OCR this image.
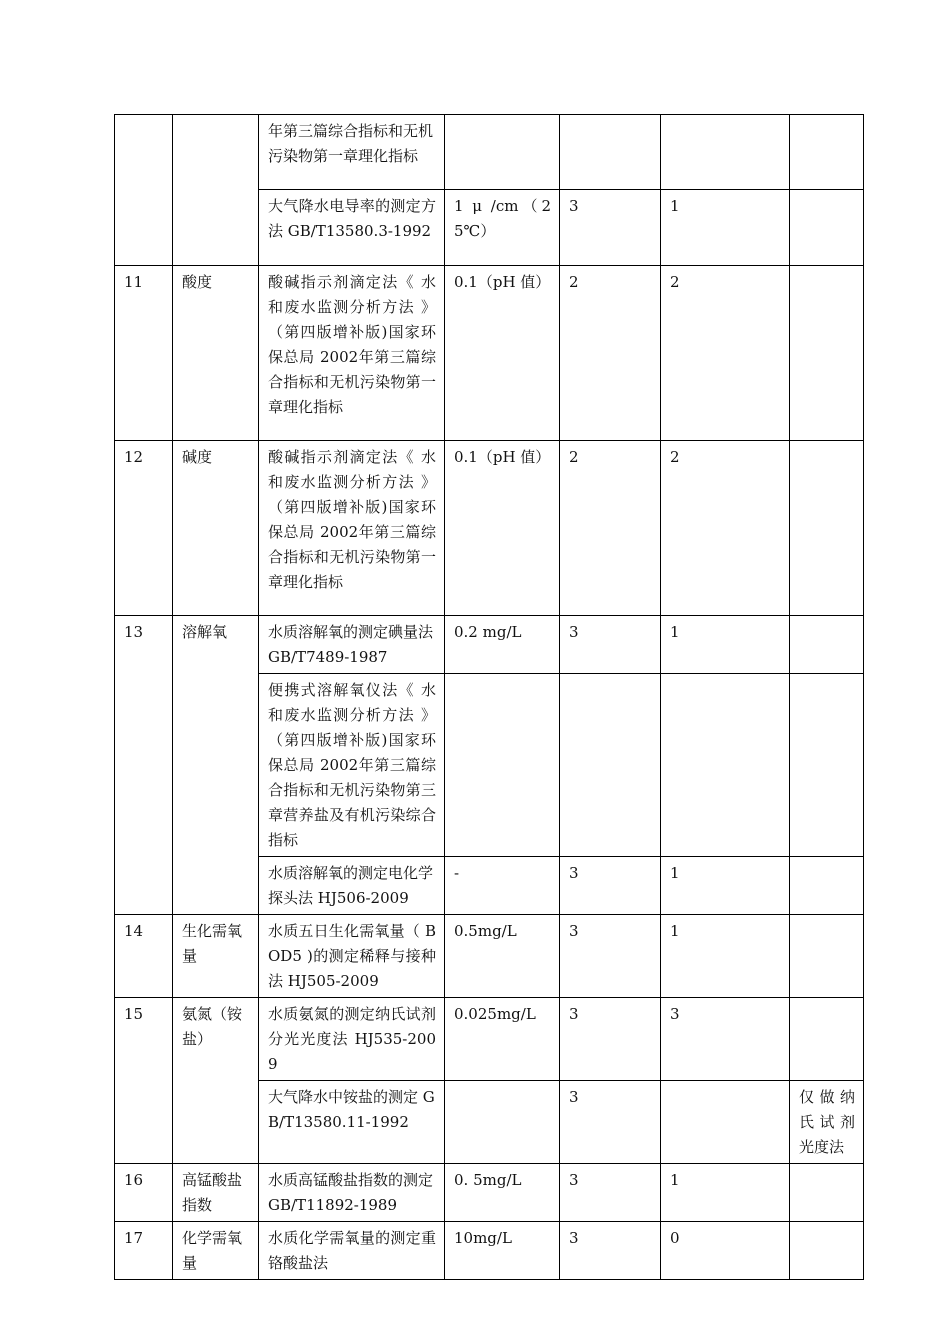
		年第三篇综合指标和无机污染物第一章理化指标				
		大气降水电导率的测定方法 GB/T13580.3-1992	1 μ /cm（25℃）	3	1	
11	酸度	酸碱指示剂滴定法《 水和废水监测分析方法 》（第四版增补版)国家环保总局 2002年第三篇综合指标和无机污染物第一章理化指标	0.1（pH 值）	2	2	
12	碱度	酸碱指示剂滴定法《 水和废水监测分析方法 》（第四版增补版)国家环保总局 2002年第三篇综合指标和无机污染物第一章理化指标	0.1（pH 值）	2	2	
13	溶解氧	水质溶解氧的测定碘量法 GB/T7489-1987	0.2 mg/L	3	1	
		便携式溶解氧仪法《 水和废水监测分析方法 》（第四版增补版)国家环保总局 2002年第三篇综合指标和无机污染物第三章营养盐及有机污染综合指标				
		水质溶解氧的测定电化学探头法 HJ506-2009	-	3	1	
14	生化需氧量	水质五日生化需氧量（ BOD5 )的测定稀释与接种法 HJ505-2009	0.5mg/L	3	1	
15	氨氮（铵盐）	水质氨氮的测定纳氏试剂分光光度法 HJ535-2009	0.025mg/L	3	3	
		大气降水中铵盐的测定 GB/T13580.11-1992		3		仅做纳氏试剂光度法
16	高锰酸盐指数	水质高锰酸盐指数的测定 GB/T11892-1989	0. 5mg/L	3	1	
17	化学需氧量	水质化学需氧量的测定重铬酸盐法	10mg/L	3	0	
